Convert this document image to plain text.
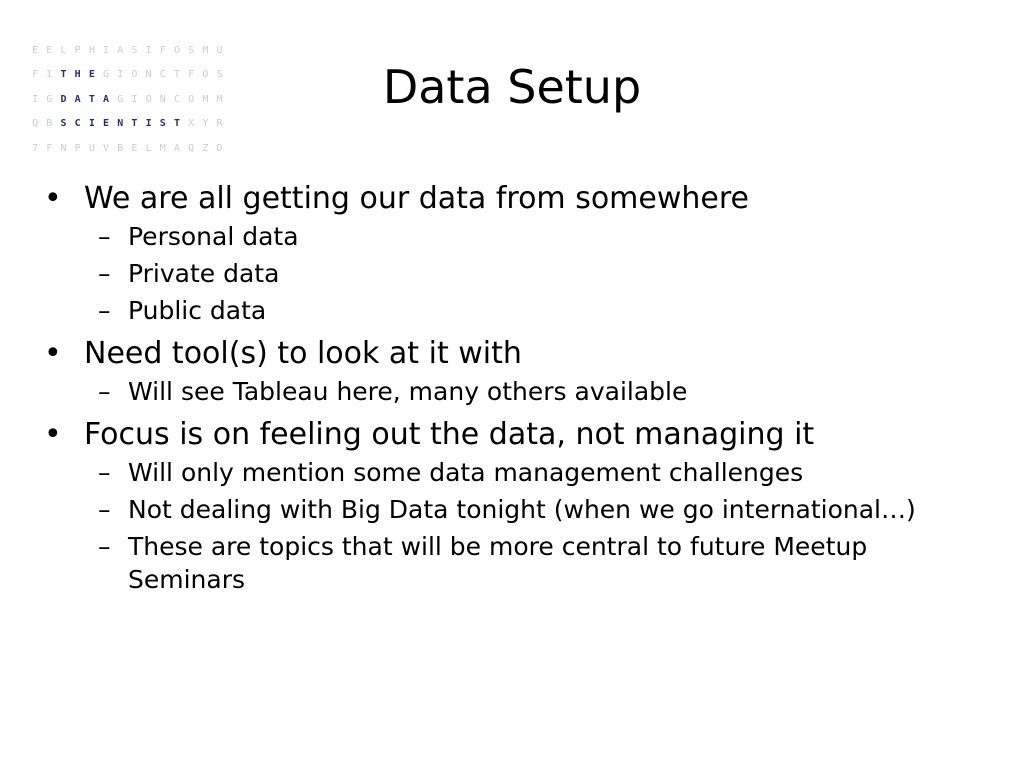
E E L P H I A S I F O S M U
F I T H E G I O N C T F O S
I G D A T A G I O N C O M M
Q B S C I E N T I S T X Y R
7 F N P U V B E L M A Q Z D
Data Setup
• We are all getting our data from somewhere
– Personal data
– Private data
– Public data
• Need tool(s) to look at it with
– Will see Tableau here, many others available
• Focus is on feeling out the data, not managing it
– Will only mention some data management challenges
– Not dealing with Big Data tonight (when we go international…)
– These are topics that will be more central to future Meetup Seminars
